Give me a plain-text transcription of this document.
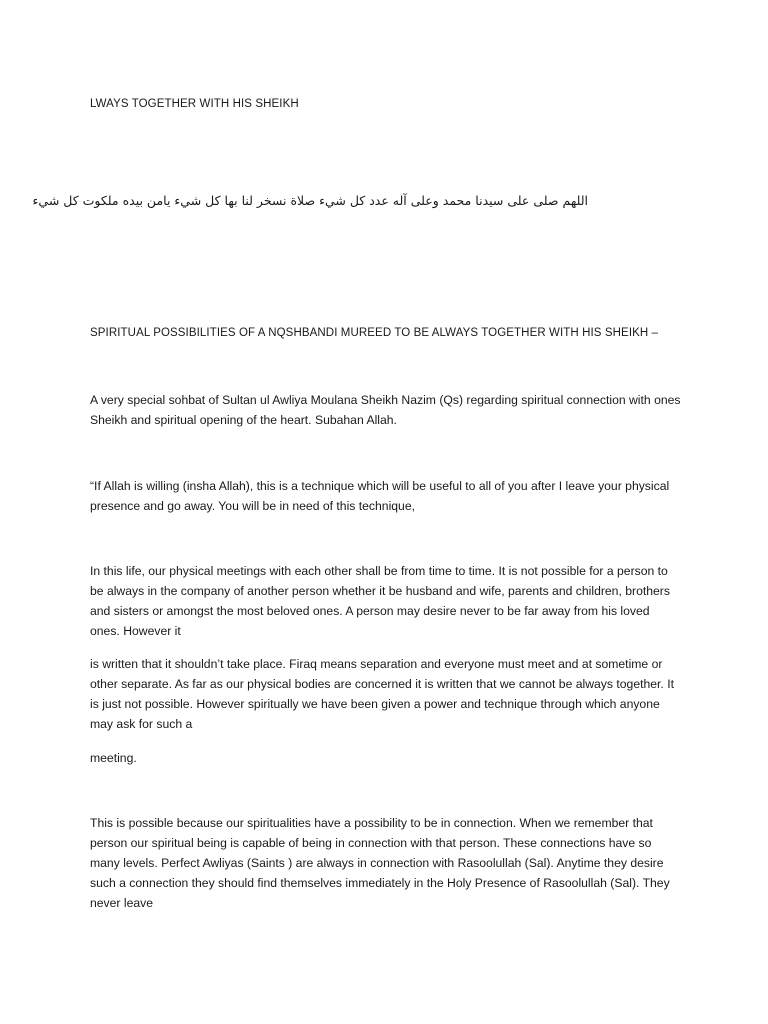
LWAYS TOGETHER WITH HIS SHEIKH
اللهم صلى على سيدنا محمد وعلى آله عدد كل شيء صلاة نسخر لنا بها كل شيء يامن بيده ملكوت كل شيء
SPIRITUAL POSSIBILITIES OF A NQSHBANDI MUREED TO BE ALWAYS TOGETHER WITH HIS SHEIKH –
A very special sohbat of Sultan ul Awliya Moulana Sheikh Nazim (Qs) regarding spiritual connection with ones Sheikh and spiritual opening of the heart. Subahan Allah.
“If Allah is willing (insha Allah), this is a technique which will be useful to all of you after I leave your physical presence and go away. You will be in need of this technique,
In this life, our physical meetings with each other shall be from time to time. It is not possible for a person to be always in the company of another person whether it be husband and wife, parents and children, brothers and sisters or amongst the most beloved ones. A person may desire never to be far away from his loved ones. However it
is written that it shouldn’t take place. Firaq means separation and everyone must meet and at sometime or other separate. As far as our physical bodies are concerned it is written that we cannot be always together. It is just not possible. However spiritually we have been given a power and technique through which anyone may ask for such a
meeting.
This is possible because our spiritualities have a possibility to be in connection. When we remember that person our spiritual being is capable of being in connection with that person. These connections have so many levels. Perfect Awliyas (Saints ) are always in connection with Rasoolullah (Sal). Anytime they desire such a connection they should find themselves immediately in the Holy Presence of Rasoolullah (Sal). They never leave
